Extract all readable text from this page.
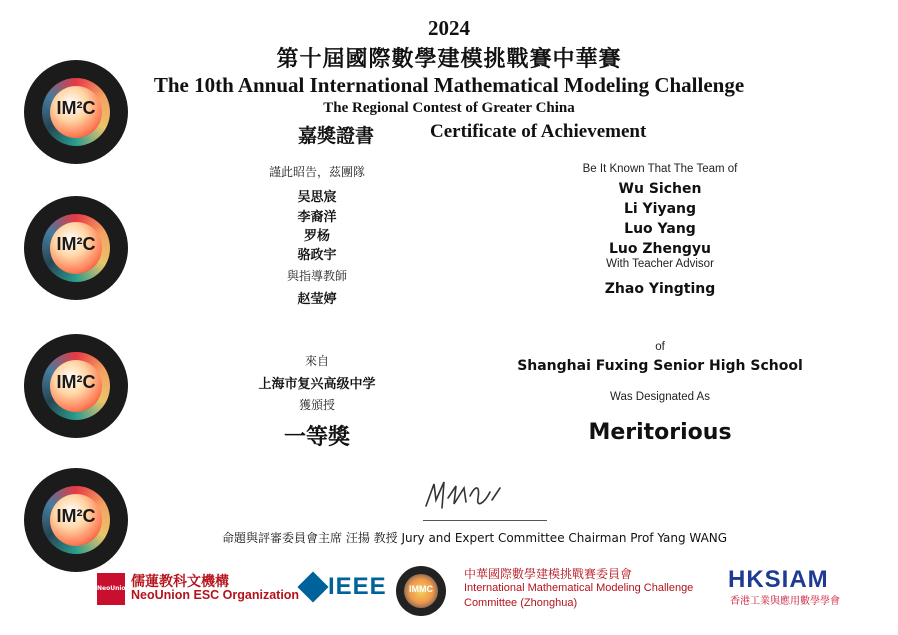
2024
第十屆國際數學建模挑戰賽中華賽
The 10th Annual International Mathematical Modeling Challenge
The Regional Contest of Greater China
嘉獎證書	Certificate of Achievement
IM²C
IM²C
IM²C
IM²C
謹此昭告，茲團隊
吴思宸
李裔洋
罗杨
骆政宇
與指導教師
赵莹婷
來自
上海市复兴高级中学
獲頒授
一等獎
Be It Known That The Team of
Wu Sichen
Li Yiyang
Luo Yang
Luo Zhengyu
With Teacher Advisor
Zhao Yingting
of
Shanghai Fuxing Senior High School
Was Designated As
Meritorious
命題與評審委員會主席 汪揚 教授 Jury and Expert Committee Chairman Prof Yang WANG
NeoUnion 儒蓮教科文機構
NeoUnion ESC Organization IEEE	IMMC
中華國際數學建模挑戰賽委員會
International Mathematical Modeling Challenge
Committee (Zhonghua)
HKSIAM
香港工業與應用數學學會
